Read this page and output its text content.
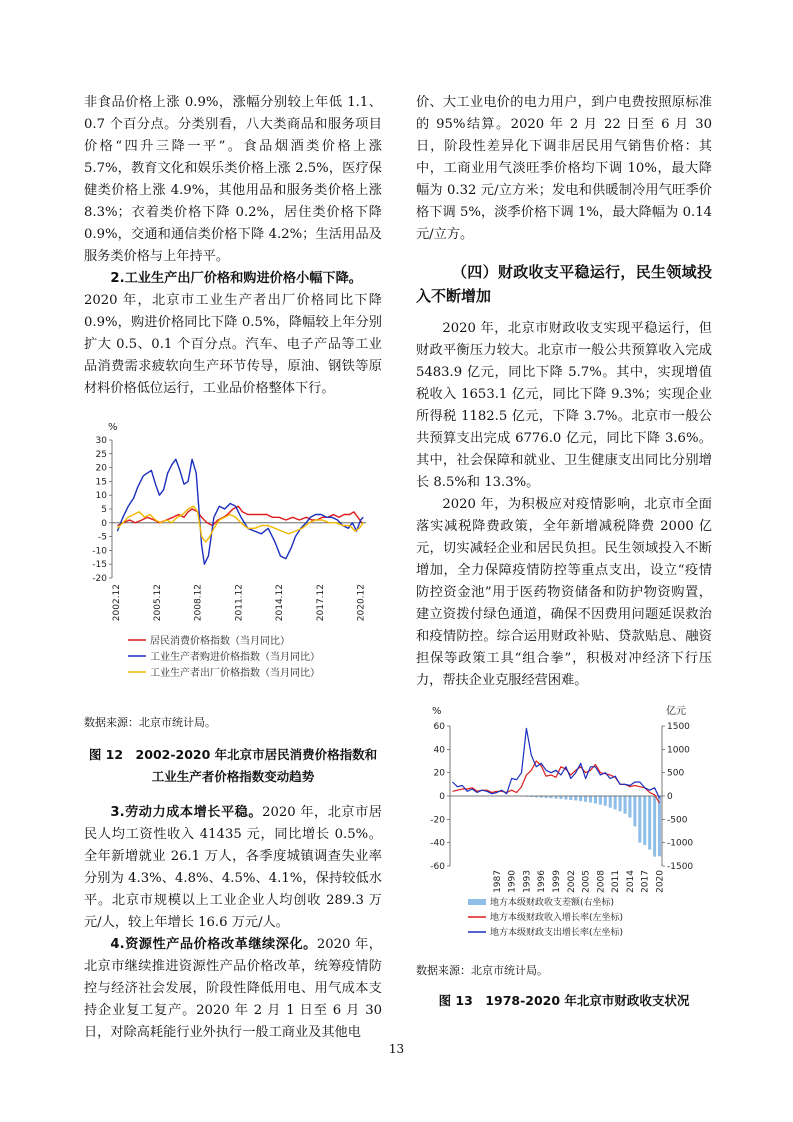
非食品价格上涨 0.9%，涨幅分别较上年低 1.1、0.7 个百分点。分类别看，八大类商品和服务项目价格“四升三降一平”。食品烟酒类价格上涨 5.7%，教育文化和娱乐类价格上涨 2.5%，医疗保健类价格上涨 4.9%，其他用品和服务类价格上涨 8.3%；衣着类价格下降 0.2%，居住类价格下降 0.9%，交通和通信类价格下降 4.2%；生活用品及服务类价格与上年持平。

2.工业生产出厂价格和购进价格小幅下降。

2020 年，北京市工业生产者出厂价格同比下降 0.9%，购进价格同比下降 0.5%，降幅较上年分别扩大 0.5、0.1 个百分点。汽车、电子产品等工业品消费需求疲软向生产环节传导，原油、钢铁等原材料价格低位运行，工业品价格整体下行。

数据来源：北京市统计局。

图 12　2002-2020 年北京市居民消费价格指数和

工业生产者价格指数变动趋势

3.劳动力成本增长平稳。2020 年，北京市居民人均工资性收入 41435 元，同比增长 0.5%。全年新增就业 26.1 万人，各季度城镇调查失业率分别为 4.3%、4.8%、4.5%、4.1%，保持较低水平。北京市规模以上工业企业人均创收 289.3 万元/人，较上年增长 16.6 万元/人。

4.资源性产品价格改革继续深化。2020 年，北京市继续推进资源性产品价格改革，统筹疫情防控与经济社会发展，阶段性降低用电、用气成本支持企业复工复产。2020 年 2 月 1 日至 6 月 30 日，对除高耗能行业外执行一般工商业及其他电

价、大工业电价的电力用户，到户电费按照原标准的 95%结算。2020 年 2 月 22 日至 6 月 30 日，阶段性差异化下调非居民用气销售价格：其中，工商业用气淡旺季价格均下调 10%，最大降幅为 0.32 元/立方米；发电和供暖制冷用气旺季价格下调 5%，淡季价格下调 1%，最大降幅为 0.14 元/立方。

（四）财政收支平稳运行，民生领域投入不断增加

2020 年，北京市财政收支实现平稳运行，但财政平衡压力较大。北京市一般公共预算收入完成 5483.9 亿元，同比下降 5.7%。其中，实现增值税收入 1653.1 亿元，同比下降 9.3%；实现企业所得税 1182.5 亿元，下降 3.7%。北京市一般公共预算支出完成 6776.0 亿元，同比下降 3.6%。其中，社会保障和就业、卫生健康支出同比分别增长 8.5%和 13.3%。

2020 年，为积极应对疫情影响，北京市全面落实减税降费政策，全年新增减税降费 2000 亿元，切实减轻企业和居民负担。民生领域投入不断增加，全力保障疫情防控等重点支出，设立“疫情防控资金池”用于医药物资储备和防护物资购置，建立资拨付绿色通道，确保不因费用问题延误救治和疫情防控。综合运用财政补贴、贷款贴息、融资担保等政策工具“组合拳”，积极对冲经济下行压力，帮扶企业克服经营困难。

数据来源：北京市统计局。

图 13　1978-2020 年北京市财政收支状况

%
30
25
20
15
10
5
0
-5
-10
-15
-20
2002.12	2005.12	2008.12	2011.12	2014.12	2017.12	2020.12
居民消费价格指数（当月同比）
工业生产者购进价格指数（当月同比）
工业生产者出厂价格指数（当月同比）
%	亿元
60
40
20
0
-20
-40
-60
1500
1000
500
0
-500
-1000
-1500
1987 1990 1993 1996 1999 2002 2005 2008 2011 2014 2017 2020
地方本级财政收支差额(右坐标)
地方本级财政收入增长率(左坐标)
地方本级财政支出增长率(左坐标)
13
